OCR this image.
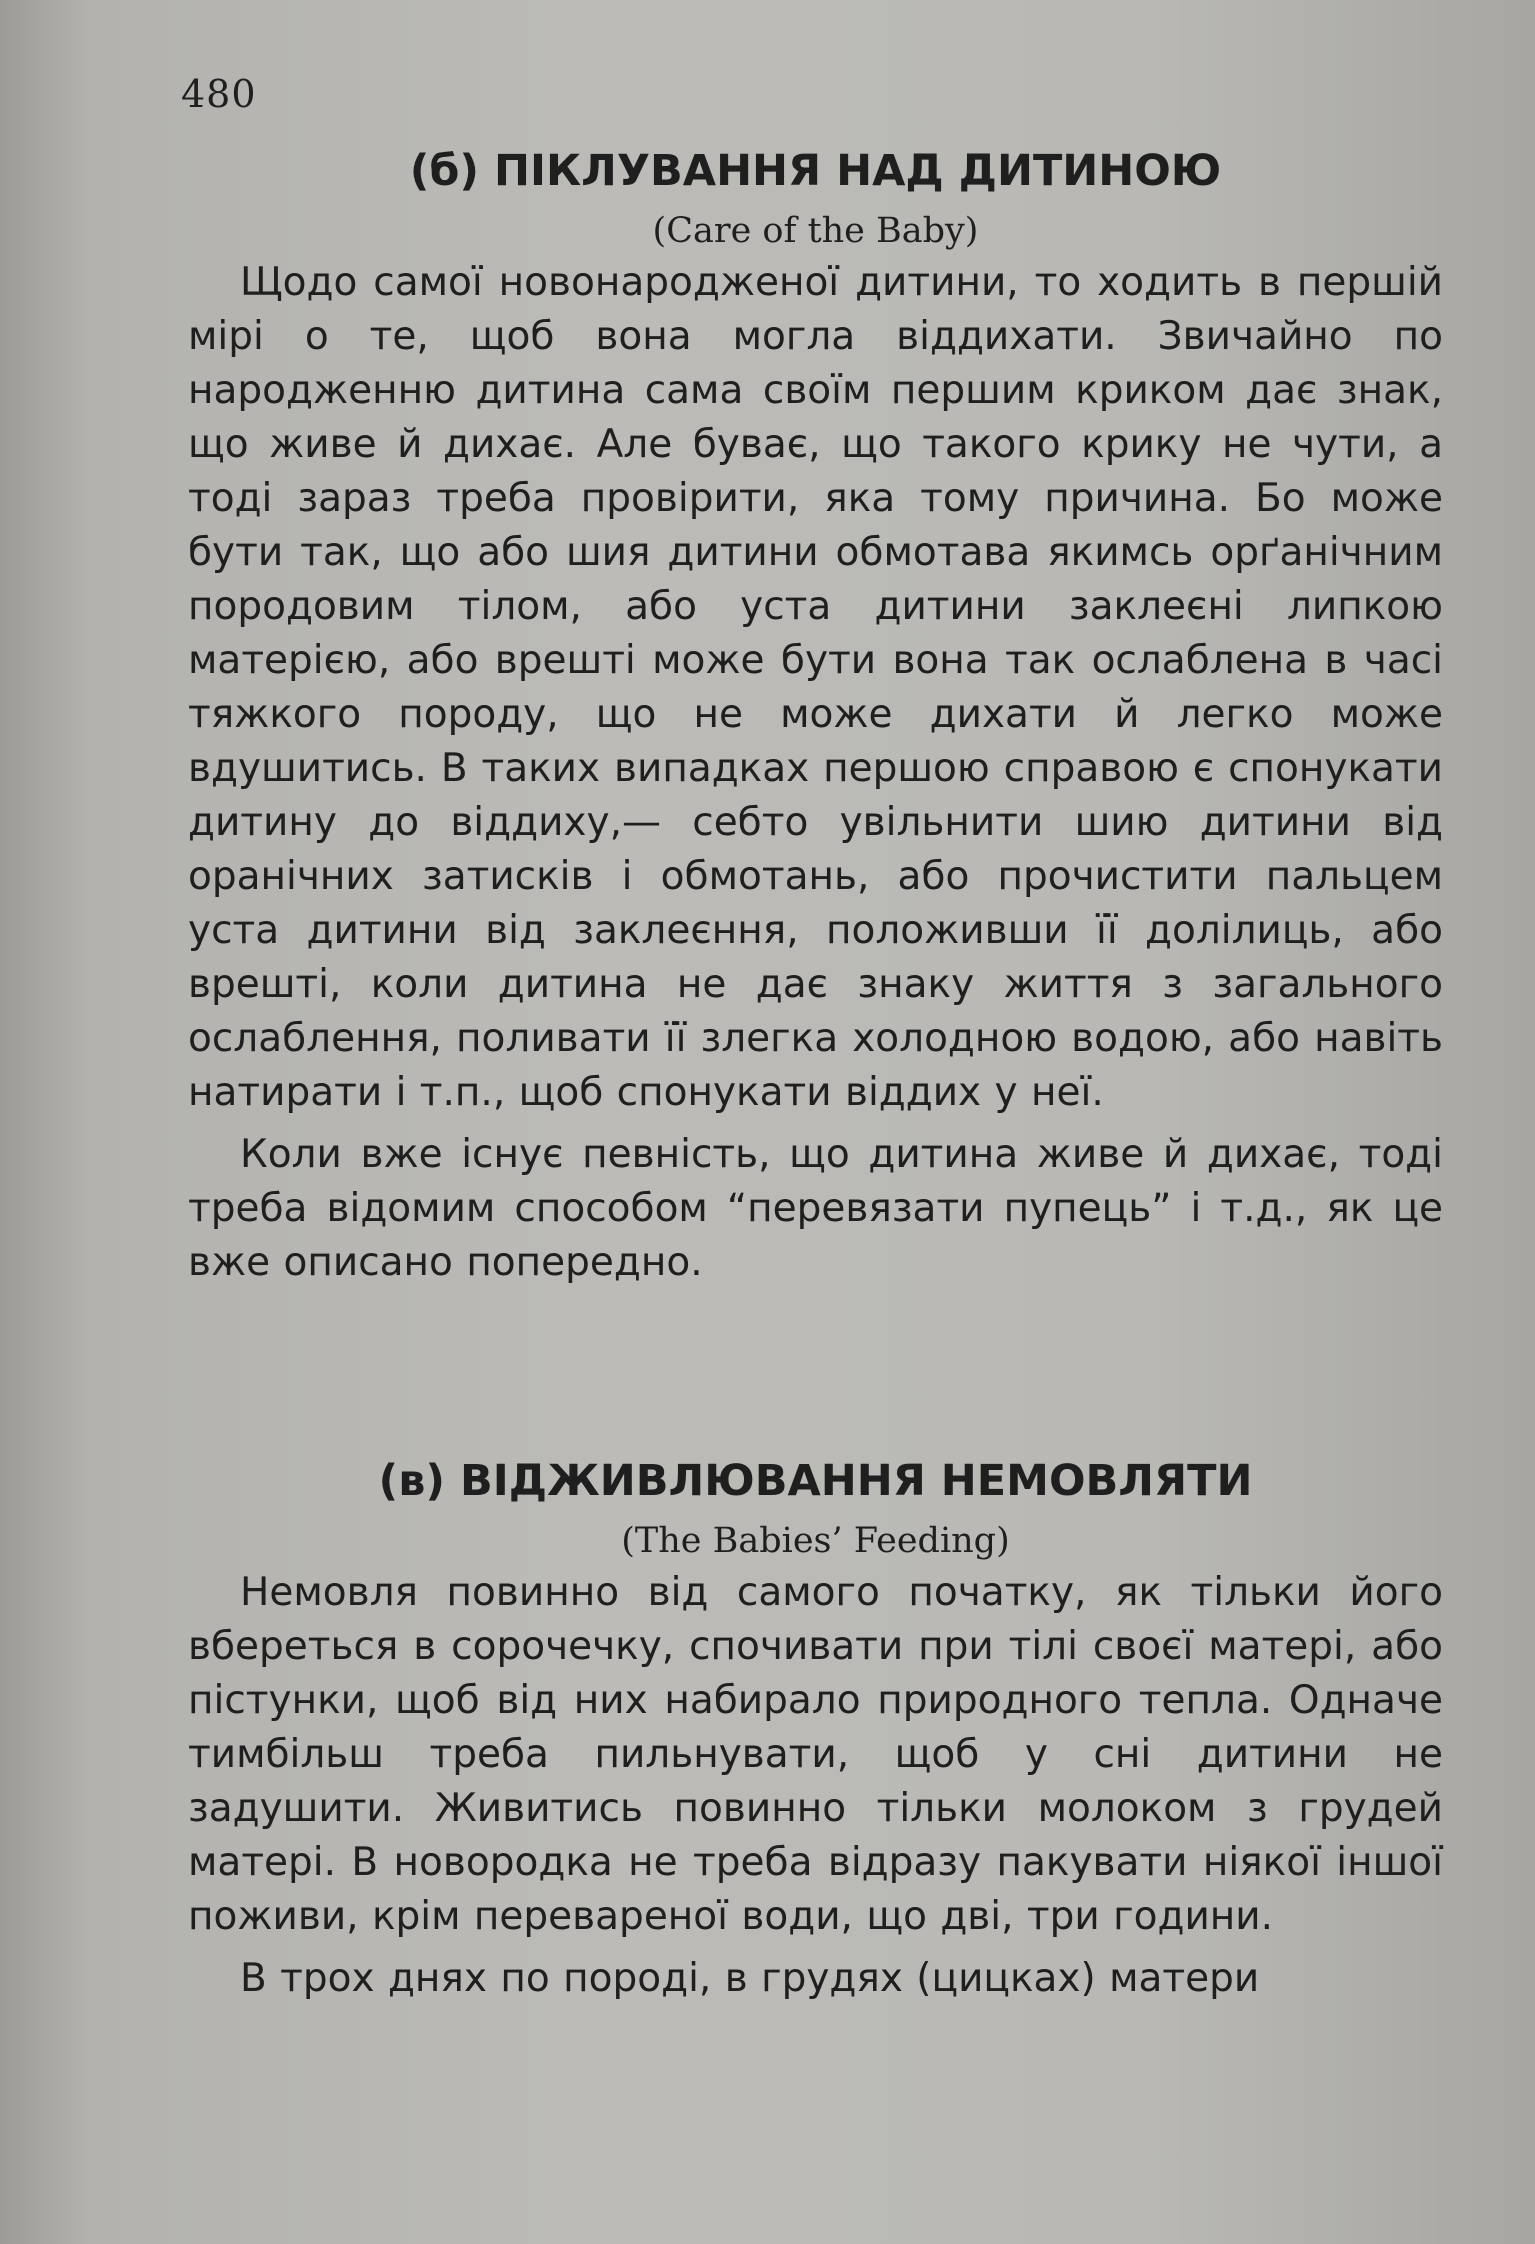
480
(б) ПІКЛУВАННЯ НАД ДИТИНОЮ
(Care of the Baby)

Щодо самої новонародженої дитини, то ходить в першій мірі о те, щоб вона могла віддихати. Звичайно по народженню дитина сама своїм першим криком дає знак, що живе й дихає. Але буває, що такого крику не чути, а тоді зараз треба провірити, яка тому причина. Бо може бути так, що або шия дитини обмотава якимсь орґанічним породовим тілом, або уста дитини заклеєні липкою матерією, або врешті може бути вона так ослаблена в часі тяжкого породу, що не може дихати й легко може вдушитись. В таких випадках першою справою є спонукати дитину до віддиху,— себто увільнити шию дитини від оранічних затисків і обмотань, або прочистити пальцем уста дитини від заклеєння, положивши її долілиць, або врешті, коли дитина не дає знаку життя з загального ослаблення, поливати її злегка холодною водою, або навіть натирати і т.п., щоб спонукати віддих у неї.

Коли вже існує певність, що дитина живе й дихає, тоді треба відомим способом “перевязати пупець” і т.д., як це вже описано попередно.

(в) ВІДЖИВЛЮВАННЯ НЕМОВЛЯТИ
(The Babies’ Feeding)

Немовля повинно від самого початку, як тільки його вбереться в сорочечку, спочивати при тілі своєї матері, або пістунки, щоб від них набирало природного тепла. Одначе тимбільш треба пильнувати, щоб у сні дитини не задушити. Живитись повинно тільки молоком з грудей матері. В новородка не треба відразу пакувати ніякої іншої поживи, крім переваренoї води, що дві, три години.

В трох днях по породі, в грудях (цицках) матери
